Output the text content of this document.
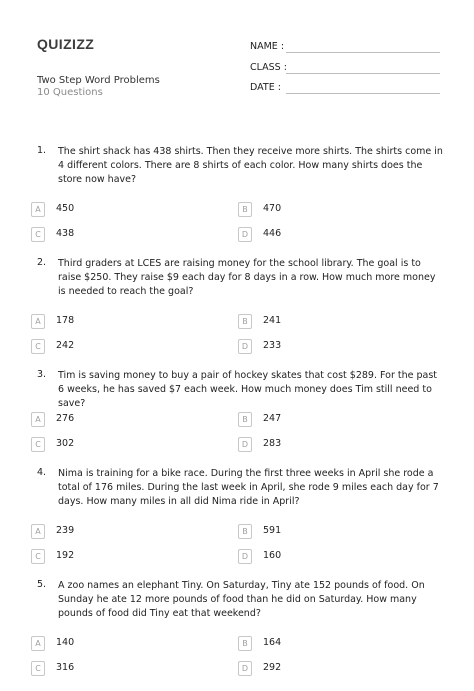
QUIZIZZ
Two Step Word Problems
10 Questions
NAME :
CLASS :
DATE :
1. The shirt shack has 438 shirts. Then they receive more shirts. The shirts come in 4 different colors. There are 8 shirts of each color. How many shirts does the store now have?
A	450	B	470
C	438	D	446
2. Third graders at LCES are raising money for the school library. The goal is to raise $250. They raise $9 each day for 8 days in a row. How much more money is needed to reach the goal?
A	178	B	241
C	242	D	233
3. Tim is saving money to buy a pair of hockey skates that cost $289. For the past 6 weeks, he has saved $7 each week. How much money does Tim still need to save?
A	276	B	247
C	302	D	283
4. Nima is training for a bike race. During the first three weeks in April she rode a total of 176 miles. During the last week in April, she rode 9 miles each day for 7 days. How many miles in all did Nima ride in April?
A	239	B	591
C	192	D	160
5. A zoo names an elephant Tiny. On Saturday, Tiny ate 152 pounds of food. On Sunday he ate 12 more pounds of food than he did on Saturday. How many pounds of food did Tiny eat that weekend?
A	140	B	164
C	316	D	292
